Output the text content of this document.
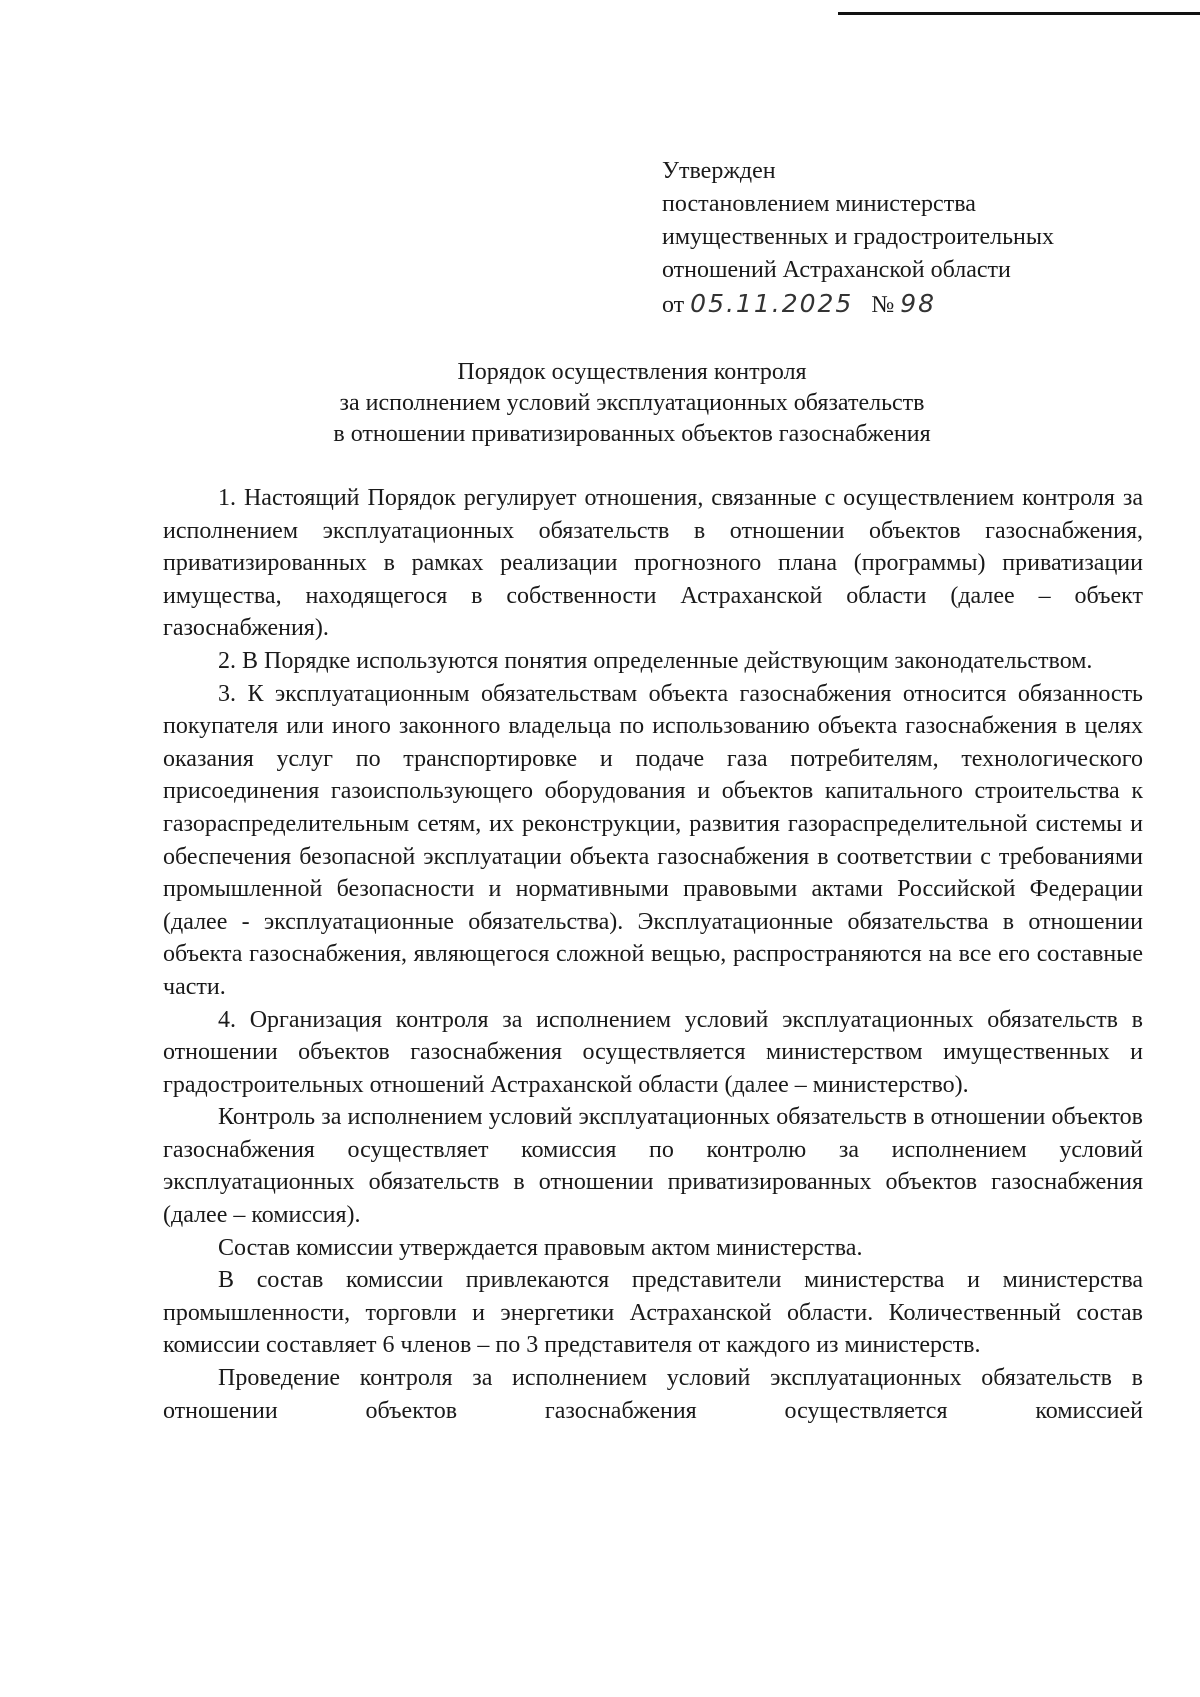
Утвержден
постановлением министерства
имущественных и градостроительных
отношений Астраханской области
от 05.11.2025 № 98
Порядок осуществления контроля
за исполнением условий эксплуатационных обязательств
в отношении приватизированных объектов газоснабжения

1. Настоящий Порядок регулирует отношения, связанные с осуществлением контроля за исполнением эксплуатационных обязательств в отношении объектов газоснабжения, приватизированных в рамках реализации прогнозного плана (программы) приватизации имущества, находящегося в собственности Астраханской области (далее – объект газоснабжения).

2. В Порядке используются понятия определенные действующим законодательством.

3. К эксплуатационным обязательствам объекта газоснабжения относится обязанность покупателя или иного законного владельца по использованию объекта газоснабжения в целях оказания услуг по транспортировке и подаче газа потребителям, технологического присоединения газоиспользующего оборудования и объектов капитального строительства к газораспределительным сетям, их реконструкции, развития газораспределительной системы и обеспечения безопасной эксплуатации объекта газоснабжения в соответствии с требованиями промышленной безопасности и нормативными правовыми актами Российской Федерации (далее - эксплуатационные обязательства). Эксплуатационные обязательства в отношении объекта газоснабжения, являющегося сложной вещью, распространяются на все его составные части.

4. Организация контроля за исполнением условий эксплуатационных обязательств в отношении объектов газоснабжения осуществляется министерством имущественных и градостроительных отношений Астраханской области (далее – министерство).

Контроль за исполнением условий эксплуатационных обязательств в отношении объектов газоснабжения осуществляет комиссия по контролю за исполнением условий эксплуатационных обязательств в отношении приватизированных объектов газоснабжения (далее – комиссия).

Состав комиссии утверждается правовым актом министерства.

В состав комиссии привлекаются представители министерства и министерства промышленности, торговли и энергетики Астраханской области. Количественный состав комиссии составляет 6 членов – по 3 представителя от каждого из министерств.

Проведение контроля за исполнением условий эксплуатационных обязательств в отношении объектов газоснабжения осуществляется комиссией
